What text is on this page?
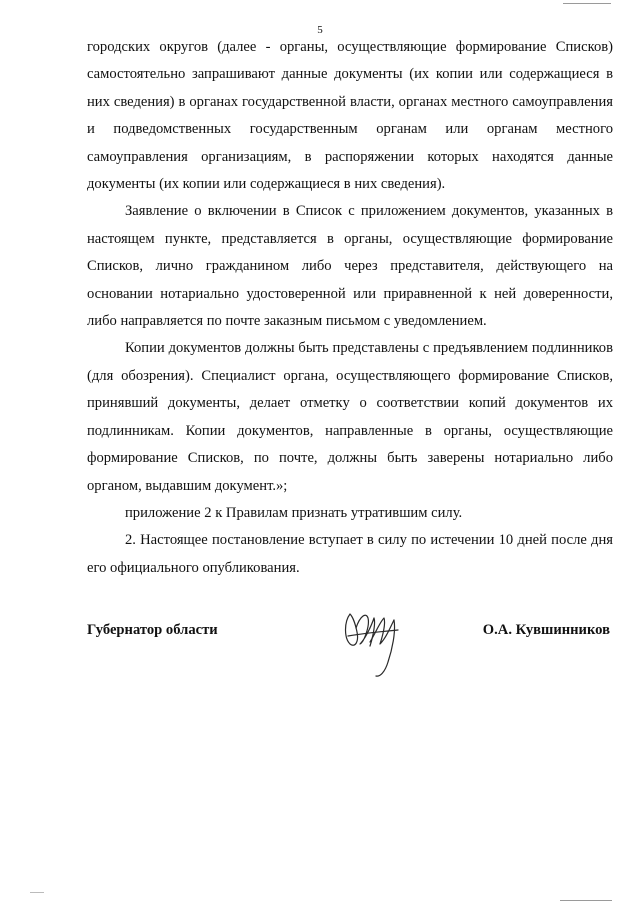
5

городских округов (далее - органы, осуществляющие формирование Списков) самостоятельно запрашивают данные документы (их копии или содержащиеся в них сведения) в органах государственной власти, органах местного самоуправления и подведомственных государственным органам или органам местного самоуправления организациям, в распоряжении которых находятся данные документы (их копии или содержащиеся в них сведения).

Заявление о включении в Список с приложением документов, указанных в настоящем пункте, представляется в органы, осуществляющие формирование Списков, лично гражданином либо через представителя, действующего на основании нотариально удостоверенной или приравненной к ней доверенности, либо направляется по почте заказным письмом с уведомлением.

Копии документов должны быть представлены с предъявлением подлинников (для обозрения). Специалист органа, осуществляющего формирование Списков, принявший документы, делает отметку о соответствии копий документов их подлинникам. Копии документов, направленные в органы, осуществляющие формирование Списков, по почте, должны быть заверены нотариально либо органом, выдавшим документ.»;

приложение 2 к Правилам признать утратившим силу.

2. Настоящее постановление вступает в силу по истечении 10 дней после дня его официального опубликования.

Губернатор области	О.А. Кувшинников
